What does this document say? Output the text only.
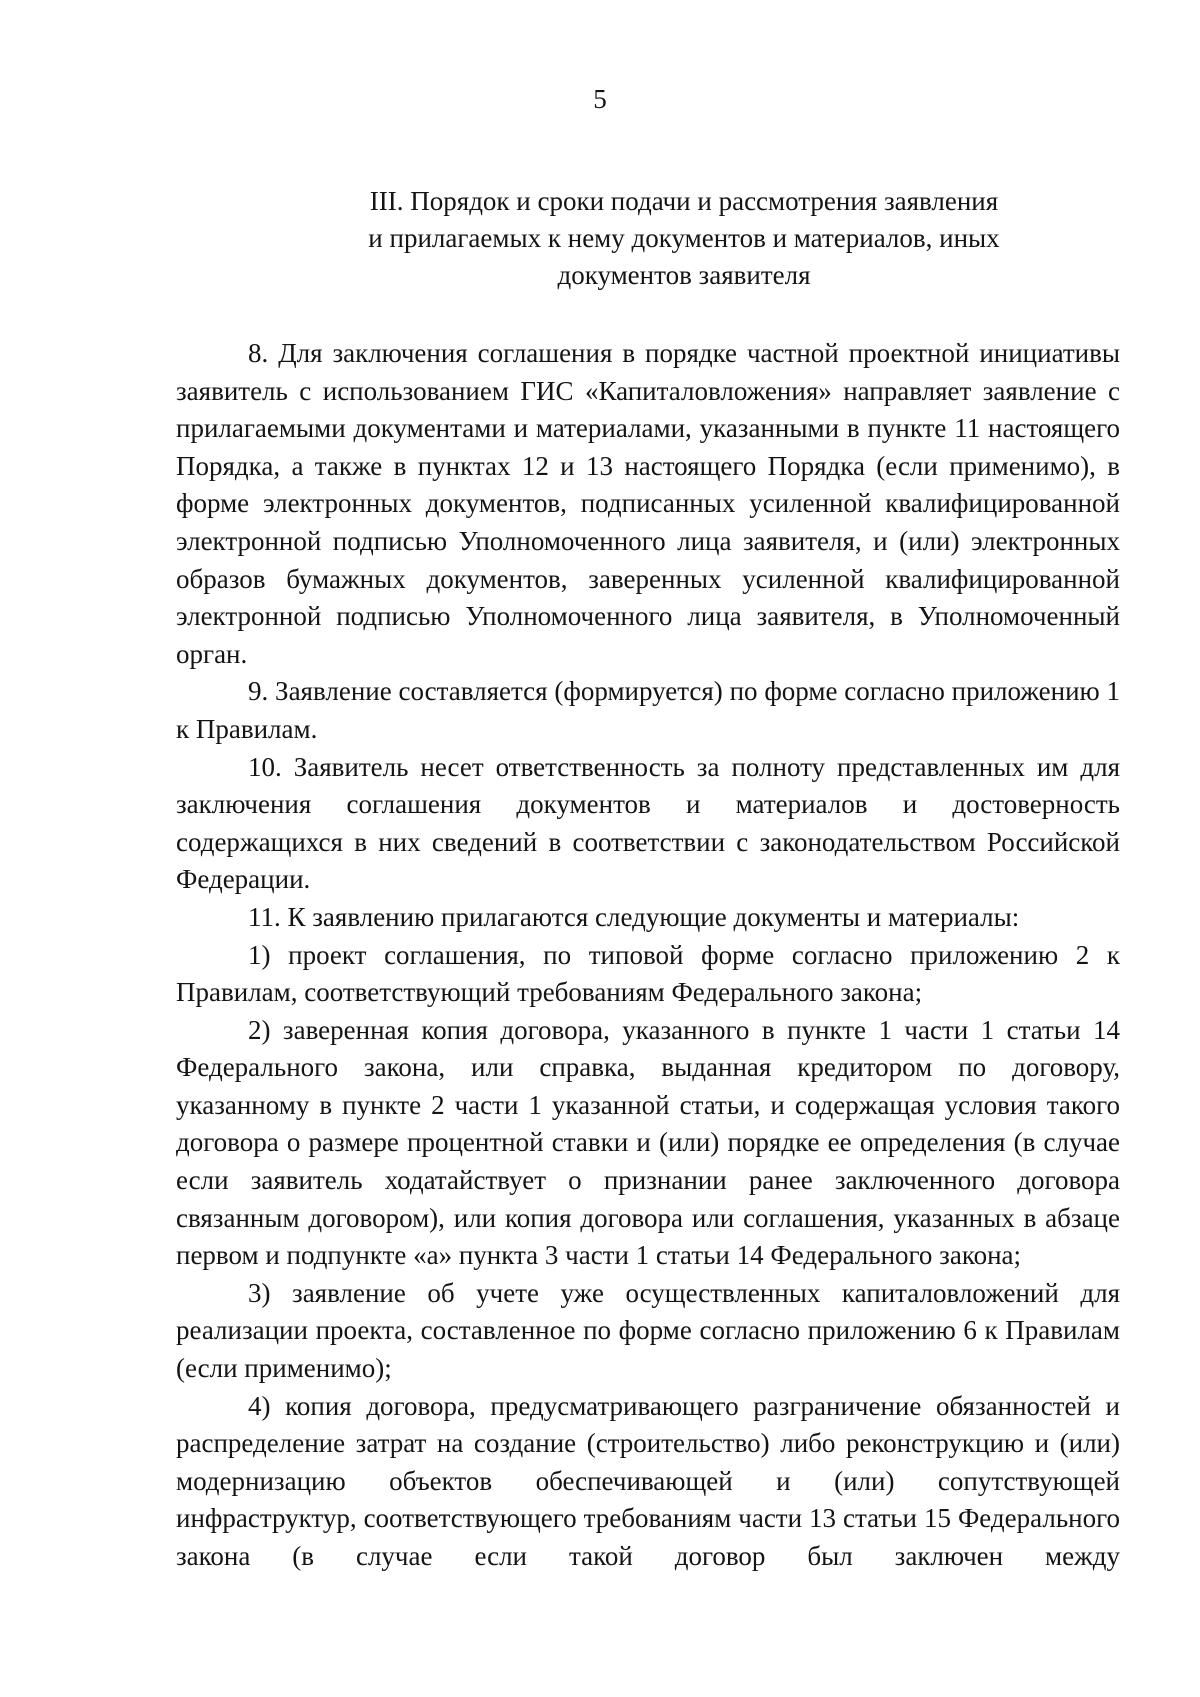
5
III. Порядок и сроки подачи и рассмотрения заявления
и прилагаемых к нему документов и материалов, иных
документов заявителя

8. Для заключения соглашения в порядке частной проектной инициативы заявитель с использованием ГИС «Капиталовложения» направляет заявление с прилагаемыми документами и материалами, указанными в пункте 11 настоящего Порядка, а также в пунктах 12 и 13 настоящего Порядка (если применимо), в форме электронных документов, подписанных усиленной квалифицированной электронной подписью Уполномоченного лица заявителя, и (или) электронных образов бумажных документов, заверенных усиленной квалифицированной электронной подписью Уполномоченного лица заявителя, в Уполномоченный орган.

9. Заявление составляется (формируется) по форме согласно приложению 1 к Правилам.

10. Заявитель несет ответственность за полноту представленных им для заключения соглашения документов и материалов и достоверность содержащихся в них сведений в соответствии с законодательством Российской Федерации.

11. К заявлению прилагаются следующие документы и материалы:

1) проект соглашения, по типовой форме согласно приложению 2 к Правилам, соответствующий требованиям Федерального закона;

2) заверенная копия договора, указанного в пункте 1 части 1 статьи 14 Федерального закона, или справка, выданная кредитором по договору, указанному в пункте 2 части 1 указанной статьи, и содержащая условия такого договора о размере процентной ставки и (или) порядке ее определения (в случае если заявитель ходатайствует о признании ранее заключенного договора связанным договором), или копия договора или соглашения, указанных в абзаце первом и подпункте «а» пункта 3 части 1 статьи 14 Федерального закона;

3) заявление об учете уже осуществленных капиталовложений для реализации проекта, составленное по форме согласно приложению 6 к Правилам (если применимо);

4) копия договора, предусматривающего разграничение обязанностей и распределение затрат на создание (строительство) либо реконструкцию и (или) модернизацию объектов обеспечивающей и (или) сопутствующей инфраструктур, соответствующего требованиям части 13 статьи 15 Федерального закона (в случае если такой договор был заключен между
